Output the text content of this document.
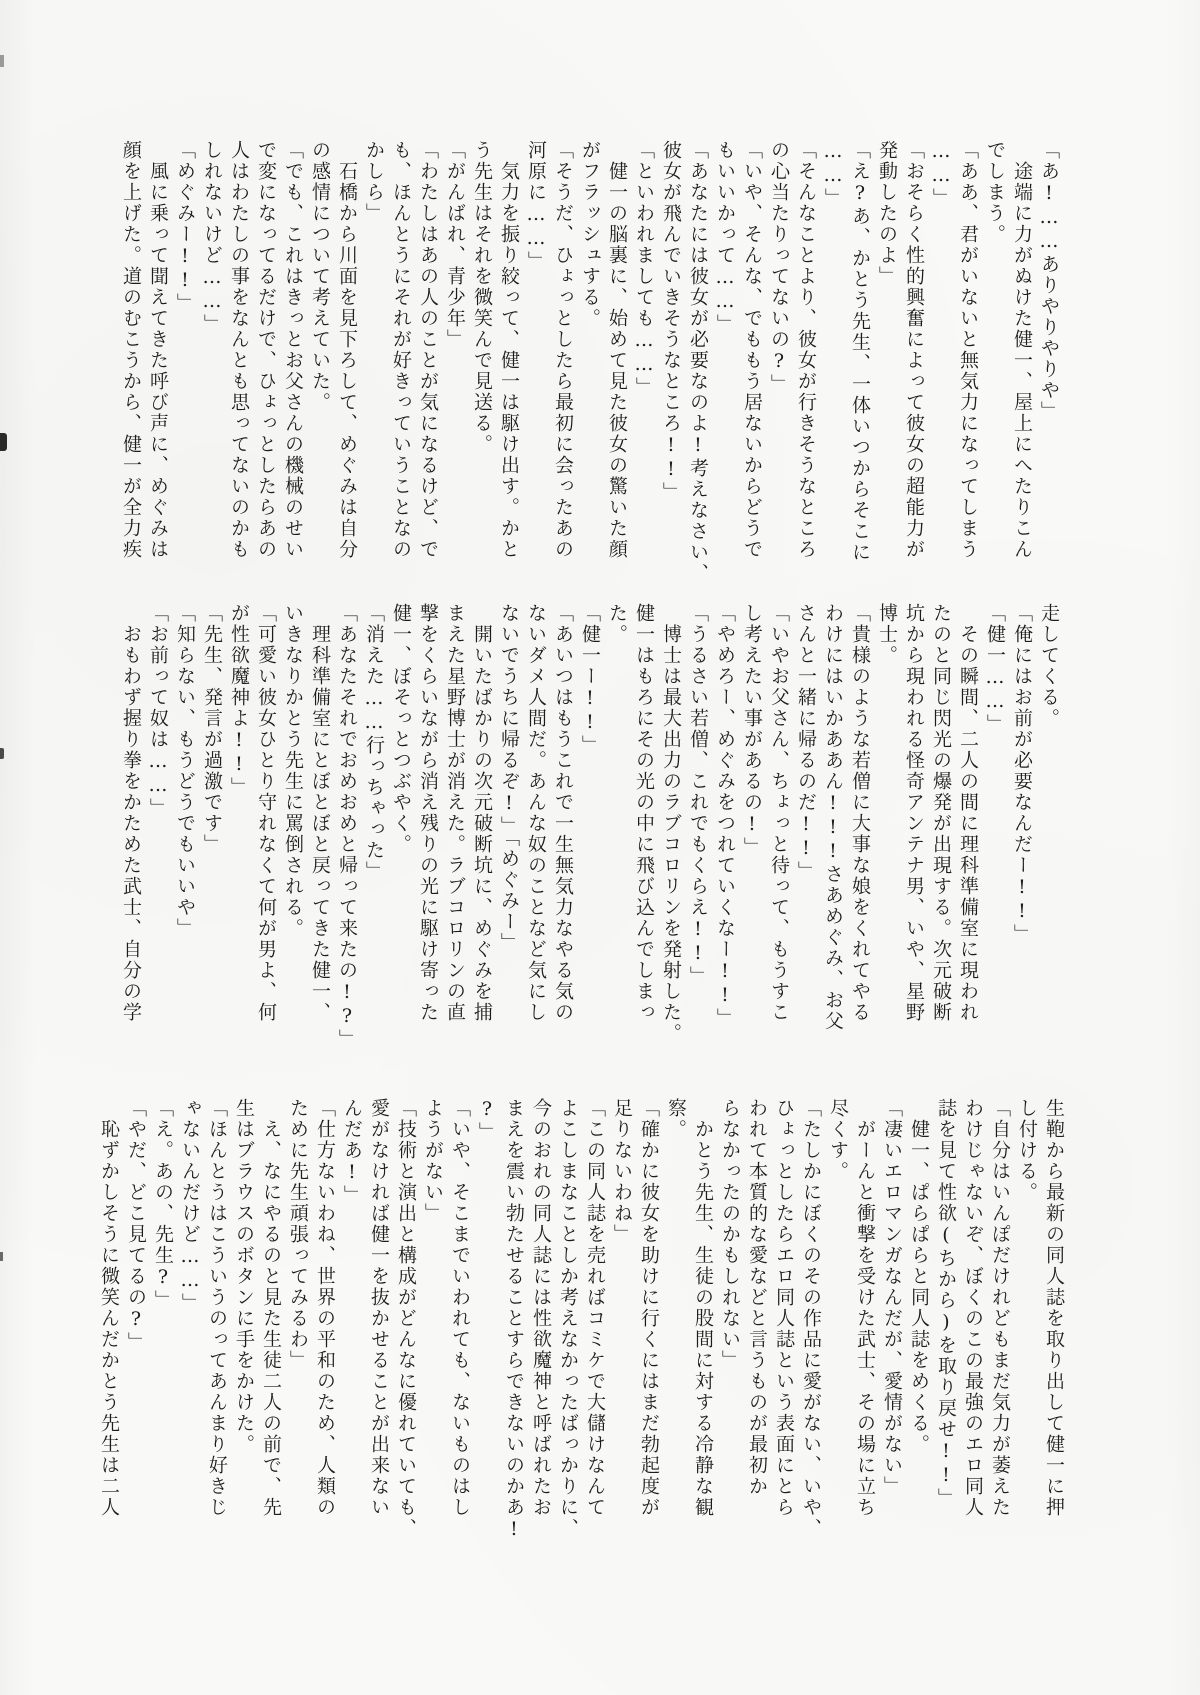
「あ!……ありやりやりや」
　途端に力がぬけた健一、屋上にへたりこん
でしまう。
「ああ、君がいないと無気力になってしまう
……」
「おそらく性的興奮によって彼女の超能力が
発動したのよ」
「え?あ、かとう先生、一体いつからそこに
……」
「そんなことより、彼女が行きそうなところ
の心当たりってないの?」
「いや、そんな、でももう居ないからどうで
もいいかって……」
「あなたには彼女が必要なのよ!考えなさい、
彼女が飛んでいきそうなところ!!」
「といわれましても……」
　健一の脳裏に、始めて見た彼女の驚いた顔
がフラッシュする。
「そうだ、ひょっとしたら最初に会ったあの
河原に……」
　気力を振り絞って、健一は駆け出す。かと
う先生はそれを微笑んで見送る。
「がんばれ、青少年」
「わたしはあの人のことが気になるけど、で
も、ほんとうにそれが好きっていうことなの
かしら」
　石橋から川面を見下ろして、めぐみは自分
の感情について考えていた。
「でも、これはきっとお父さんの機械のせい
で変になってるだけで、ひょっとしたらあの
人はわたしの事をなんとも思ってないのかも
しれないけど……」
「めぐみー!!」
　風に乗って聞えてきた呼び声に、めぐみは
顔を上げた。道のむこうから、健一が全力疾
走してくる。
「俺にはお前が必要なんだー!!」
「健一……」
　その瞬間、二人の間に理科準備室に現われ
たのと同じ閃光の爆発が出現する。次元破断
坑から現われる怪奇アンテナ男、いや、星野
博士。
「貴様のような若僧に大事な娘をくれてやる
わけにはいかああん!!!さあめぐみ、お父
さんと一緒に帰るのだ!!」
「いやお父さん、ちょっと待って、もうすこ
し考えたい事があるの!」
「やめろー、めぐみをつれていくなー!!」
「うるさい若僧、これでもくらえ!!」
　博士は最大出力のラブコロリンを発射した。
健一はもろにその光の中に飛び込んでしまっ
た。
「健一ー!!」
「あいつはもうこれで一生無気力なやる気の
ないダメ人間だ。あんな奴のことなど気にし
ないでうちに帰るぞ!」「めぐみー」
　開いたばかりの次元破断坑に、めぐみを捕
まえた星野博士が消えた。ラブコロリンの直
撃をくらいながら消え残りの光に駆け寄った
健一、ぼそっとつぶやく。
「消えた……行っちゃった」
「あなたそれでおめおめと帰って来たの!?」
　理科準備室にとぼとぼと戻ってきた健一、
いきなりかとう先生に罵倒される。
「可愛い彼女ひとり守れなくて何が男よ、何
が性欲魔神よ!!」
「先生、発言が過激です」
「知らない、もうどうでもいいや」
「お前って奴は……」
　おもわず握り拳をかためた武士、自分の学
生鞄から最新の同人誌を取り出して健一に押
し付ける。
「自分はいんぽだけれどもまだ気力が萎えた
わけじゃないぞ、ぼくのこの最強のエロ同人
誌を見て性欲(ちから)を取り戻せ!!」
　健一、ぱらぱらと同人誌をめくる。
「凄いエロマンガなんだが、愛情がない」
　がーんと衝撃を受けた武士、その場に立ち
尽くす。
「たしかにぼくのその作品に愛がない、いや、
ひょっとしたらエロ同人誌という表面にとら
われて本質的な愛などと言うものが最初か
らなかったのかもしれない」
　かとう先生、生徒の股間に対する冷静な観
察。
「確かに彼女を助けに行くにはまだ勃起度が
足りないわね」
「この同人誌を売ればコミケで大儲けなんて
よこしまなことしか考えなかったばっかりに、
今のおれの同人誌には性欲魔神と呼ばれたお
まえを震い勃たせることすらできないのかあ!
?」
「いや、そこまでいわれても、ないものはし
ようがない」
「技術と演出と構成がどんなに優れていても、
愛がなければ健一を抜かせることが出来ない
んだあ!」
「仕方ないわね、世界の平和のため、人類の
ために先生頑張ってみるわ」
　え、なにやるのと見た生徒二人の前で、先
生はブラウスのボタンに手をかけた。
「ほんとうはこういうのってあんまり好きじ
ゃないんだけど……」
「え。あの、先生?」
「やだ、どこ見てるの?」
　恥ずかしそうに微笑んだかとう先生は二人
